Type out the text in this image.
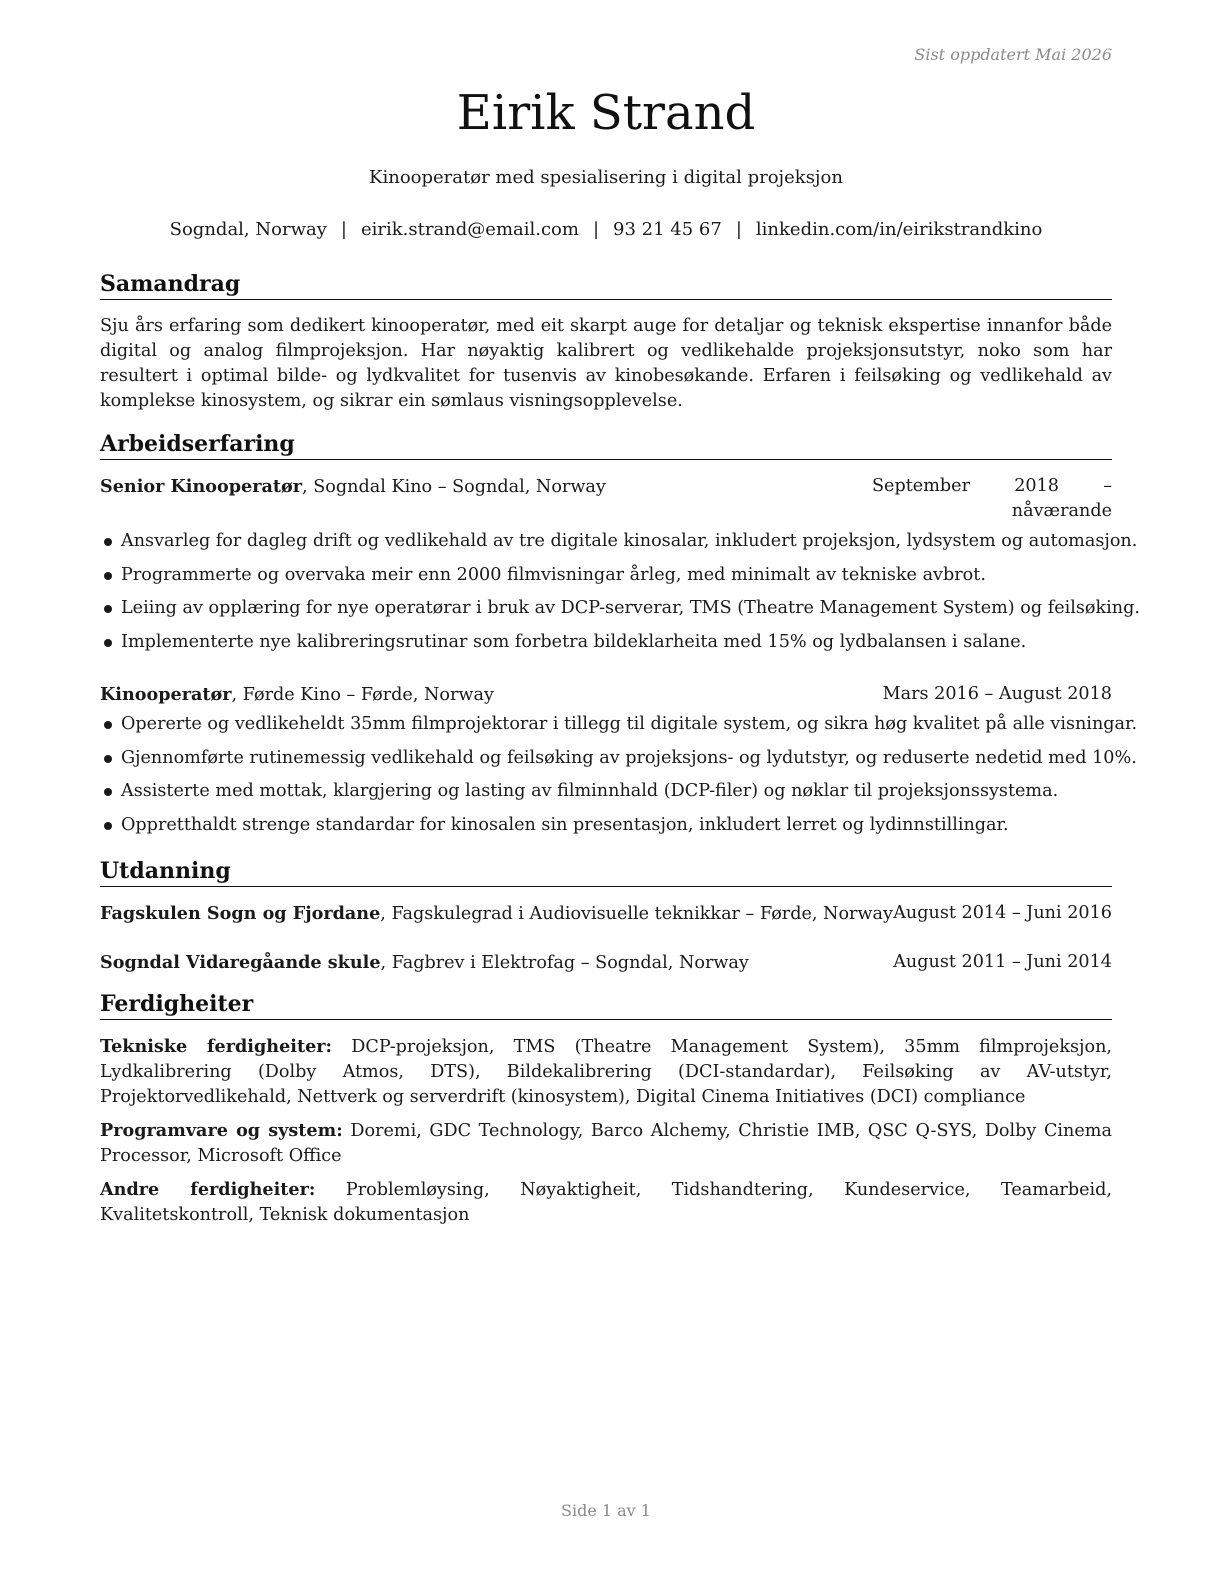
Sist oppdatert Mai 2026
Eirik Strand
Kinooperatør med spesialisering i digital projeksjon
Sogndal, Norway | eirik.strand@email.com | 93 21 45 67 | linkedin.com/in/eirikstrandkino
Samandrag
Sju års erfaring som dedikert kinooperatør, med eit skarpt auge for detaljar og teknisk ekspertise innanfor både digital og analog filmprojeksjon. Har nøyaktig kalibrert og vedlikehalde projeksjonsutstyr, noko som har resultert i optimal bilde- og lydkvalitet for tusenvis av kinobesøkande. Erfaren i feilsøking og vedlikehald av komplekse kinosystem, og sikrar ein sømlaus visningsopplevelse.
Arbeidserfaring
Senior Kinooperatør, Sogndal Kino – Sogndal, Norway	September 2018 – nåværande
Ansvarleg for dagleg drift og vedlikehald av tre digitale kinosalar, inkludert projeksjon, lydsystem og automasjon.
Programmerte og overvaka meir enn 2000 filmvisningar årleg, med minimalt av tekniske avbrot.
Leiing av opplæring for nye operatørar i bruk av DCP-serverar, TMS (Theatre Management System) og feilsøking.
Implementerte nye kalibreringsrutinar som forbetra bildeklarheita med 15% og lydbalansen i salane.
Kinooperatør, Førde Kino – Førde, Norway	Mars 2016 – August 2018
Opererte og vedlikeheldt 35mm filmprojektorar i tillegg til digitale system, og sikra høg kvalitet på alle visningar.
Gjennomførte rutinemessig vedlikehald og feilsøking av projeksjons- og lydutstyr, og reduserte nedetid med 10%.
Assisterte med mottak, klargjering og lasting av filminnhald (DCP-filer) og nøklar til projeksjonssystema.
Oppretthaldt strenge standardar for kinosalen sin presentasjon, inkludert lerret og lydinnstillingar.
Utdanning
Fagskulen Sogn og Fjordane, Fagskulegrad i Audiovisuelle teknikkar – Førde, Norway August 2014 – Juni 2016
Sogndal Vidaregåande skule, Fagbrev i Elektrofag – Sogndal, Norway	August 2011 – Juni 2014
Ferdigheiter
Tekniske ferdigheiter: DCP-projeksjon, TMS (Theatre Management System), 35mm filmprojeksjon, Lydkalibrering (Dolby Atmos, DTS), Bildekalibrering (DCI-standardar), Feilsøking av AV-utstyr, Projektorvedlikehald, Nettverk og serverdrift (kinosystem), Digital Cinema Initiatives (DCI) compliance
Programvare og system: Doremi, GDC Technology, Barco Alchemy, Christie IMB, QSC Q-SYS, Dolby Cinema Processor, Microsoft Office
Andre ferdigheiter: Problemløysing, Nøyaktigheit, Tidshandtering, Kundeservice, Teamarbeid, Kvalitetskontroll, Teknisk dokumentasjon
Side 1 av 1
